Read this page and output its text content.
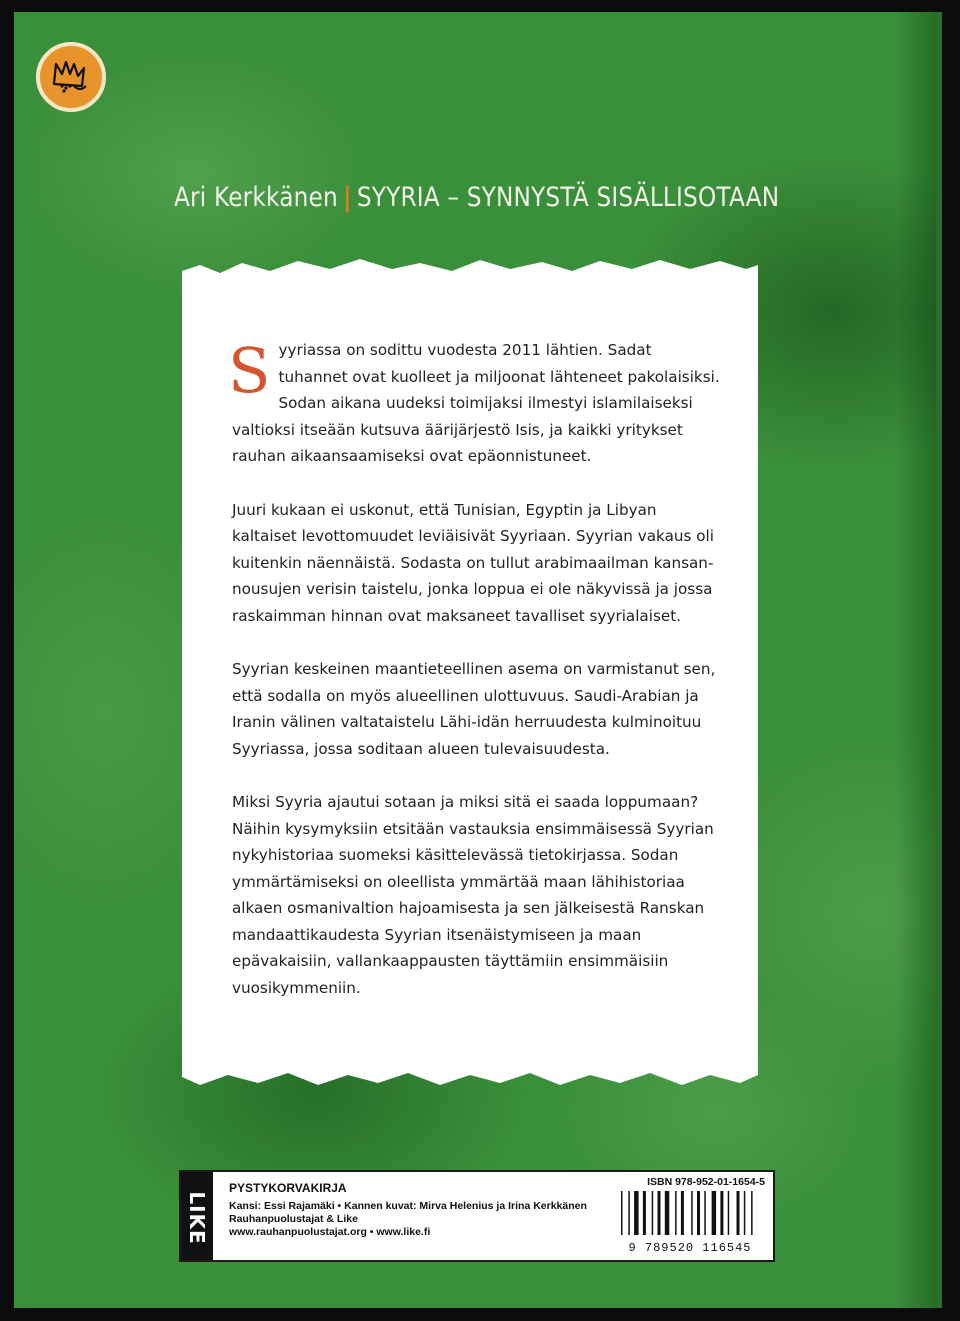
Ari Kerkkänen | SYYRIA – SYNNYSTÄ SISÄLLISOTAAN

Syyriassa on sodittu vuodesta 2011 lähtien. Sadat tuhannet ovat kuolleet ja miljoonat lähteneet pakolaisiksi. Sodan aikana uudeksi toimijaksi ilmestyi islamilaiseksi valtioksi itseään kutsuva äärijärjestö Isis, ja kaikki yritykset rauhan aikaansaamiseksi ovat epäonnistuneet.

Juuri kukaan ei uskonut, että Tunisian, Egyptin ja Libyan kaltaiset levottomuudet leviäisivät Syyriaan. Syyrian vakaus oli kuitenkin näennäistä. Sodasta on tullut arabimaailman kansannousujen verisin taistelu, jonka loppua ei ole näkyvissä ja jossa raskaimman hinnan ovat maksaneet tavalliset syyrialaiset.

Syyrian keskeinen maantieteellinen asema on varmistanut sen, että sodalla on myös alueellinen ulottuvuus. Saudi-Arabian ja Iranin välinen valtataistelu Lähi-idän herruudesta kulminoituu Syyriassa, jossa soditaan alueen tulevaisuudesta.

Miksi Syyria ajautui sotaan ja miksi sitä ei saada loppumaan? Näihin kysymyksiin etsitään vastauksia ensimmäisessä Syyrian nykyhistoriaa suomeksi käsittelevässä tietokirjassa. Sodan ymmärtämiseksi on oleellista ymmärtää maan lähihistoriaa alkaen osmanivaltion hajoamisesta ja sen jälkeisestä Ranskan mandaattikaudesta Syyrian itsenäistymiseen ja maan epävakaisiin, vallankaappausten täyttämiin ensimmäisiin vuosikymmeniin.

LIKE
PYSTYKORVAKIRJA
Kansi: Essi Rajamäki • Kannen kuvat: Mirva Helenius ja Irina Kerkkänen
Rauhanpuolustajat & Like
www.rauhanpuolustajat.org • www.like.fi
ISBN 978-952-01-1654-5
9 789520 116545
